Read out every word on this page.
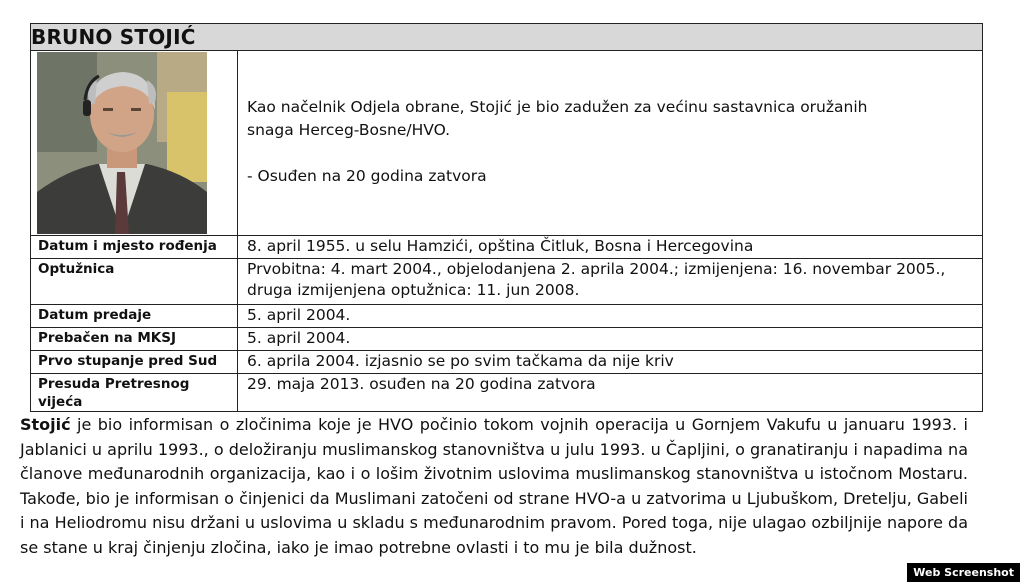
BRUNO STOJIĆ	

Kao načelnik Odjela obrane, Stojić je bio zadužen za većinu sastavnica oružanih

snaga Herceg-Bosne/HVO.

- Osuđen na 20 godina zatvora

Datum i mjesto rođenja	8. april 1955. u selu Hamzići, opština Čitluk, Bosna i Hercegovina
Optužnica	Prvobitna: 4. mart 2004., objelodanjena 2. aprila 2004.; izmijenjena: 16. novembar 2005., druga izmijenjena optužnica: 11. jun 2008.
Datum predaje	5. april 2004.
Prebačen na MKSJ	5. april 2004.
Prvo stupanje pred Sud	6. aprila 2004. izjasnio se po svim tačkama da nije kriv
Presuda Pretresnog vijeća	29. maja 2013. osuđen na 20 godina zatvora

Stojić je bio informisan o zločinima koje je HVO počinio tokom vojnih operacija u Gornjem Vakufu u januaru 1993. i Jablanici u aprilu 1993., o deložiranju muslimanskog stanovništva u julu 1993. u Čapljini, o granatiranju i napadima na članove međunarodnih organizacija, kao i o lošim životnim uslovima muslimanskog stanovništva u istočnom Mostaru. Takođe, bio je informisan o činjenici da Muslimani zatočeni od strane HVO-a u zatvorima u Ljubuškom, Dretelju, Gabeli i na Heliodromu nisu držani u uslovima u skladu s međunarodnim pravom. Pored toga, nije ulagao ozbiljnije napore da se stane u kraj činjenju zločina, iako je imao potrebne ovlasti i to mu je bila dužnost.

Web Screenshot
